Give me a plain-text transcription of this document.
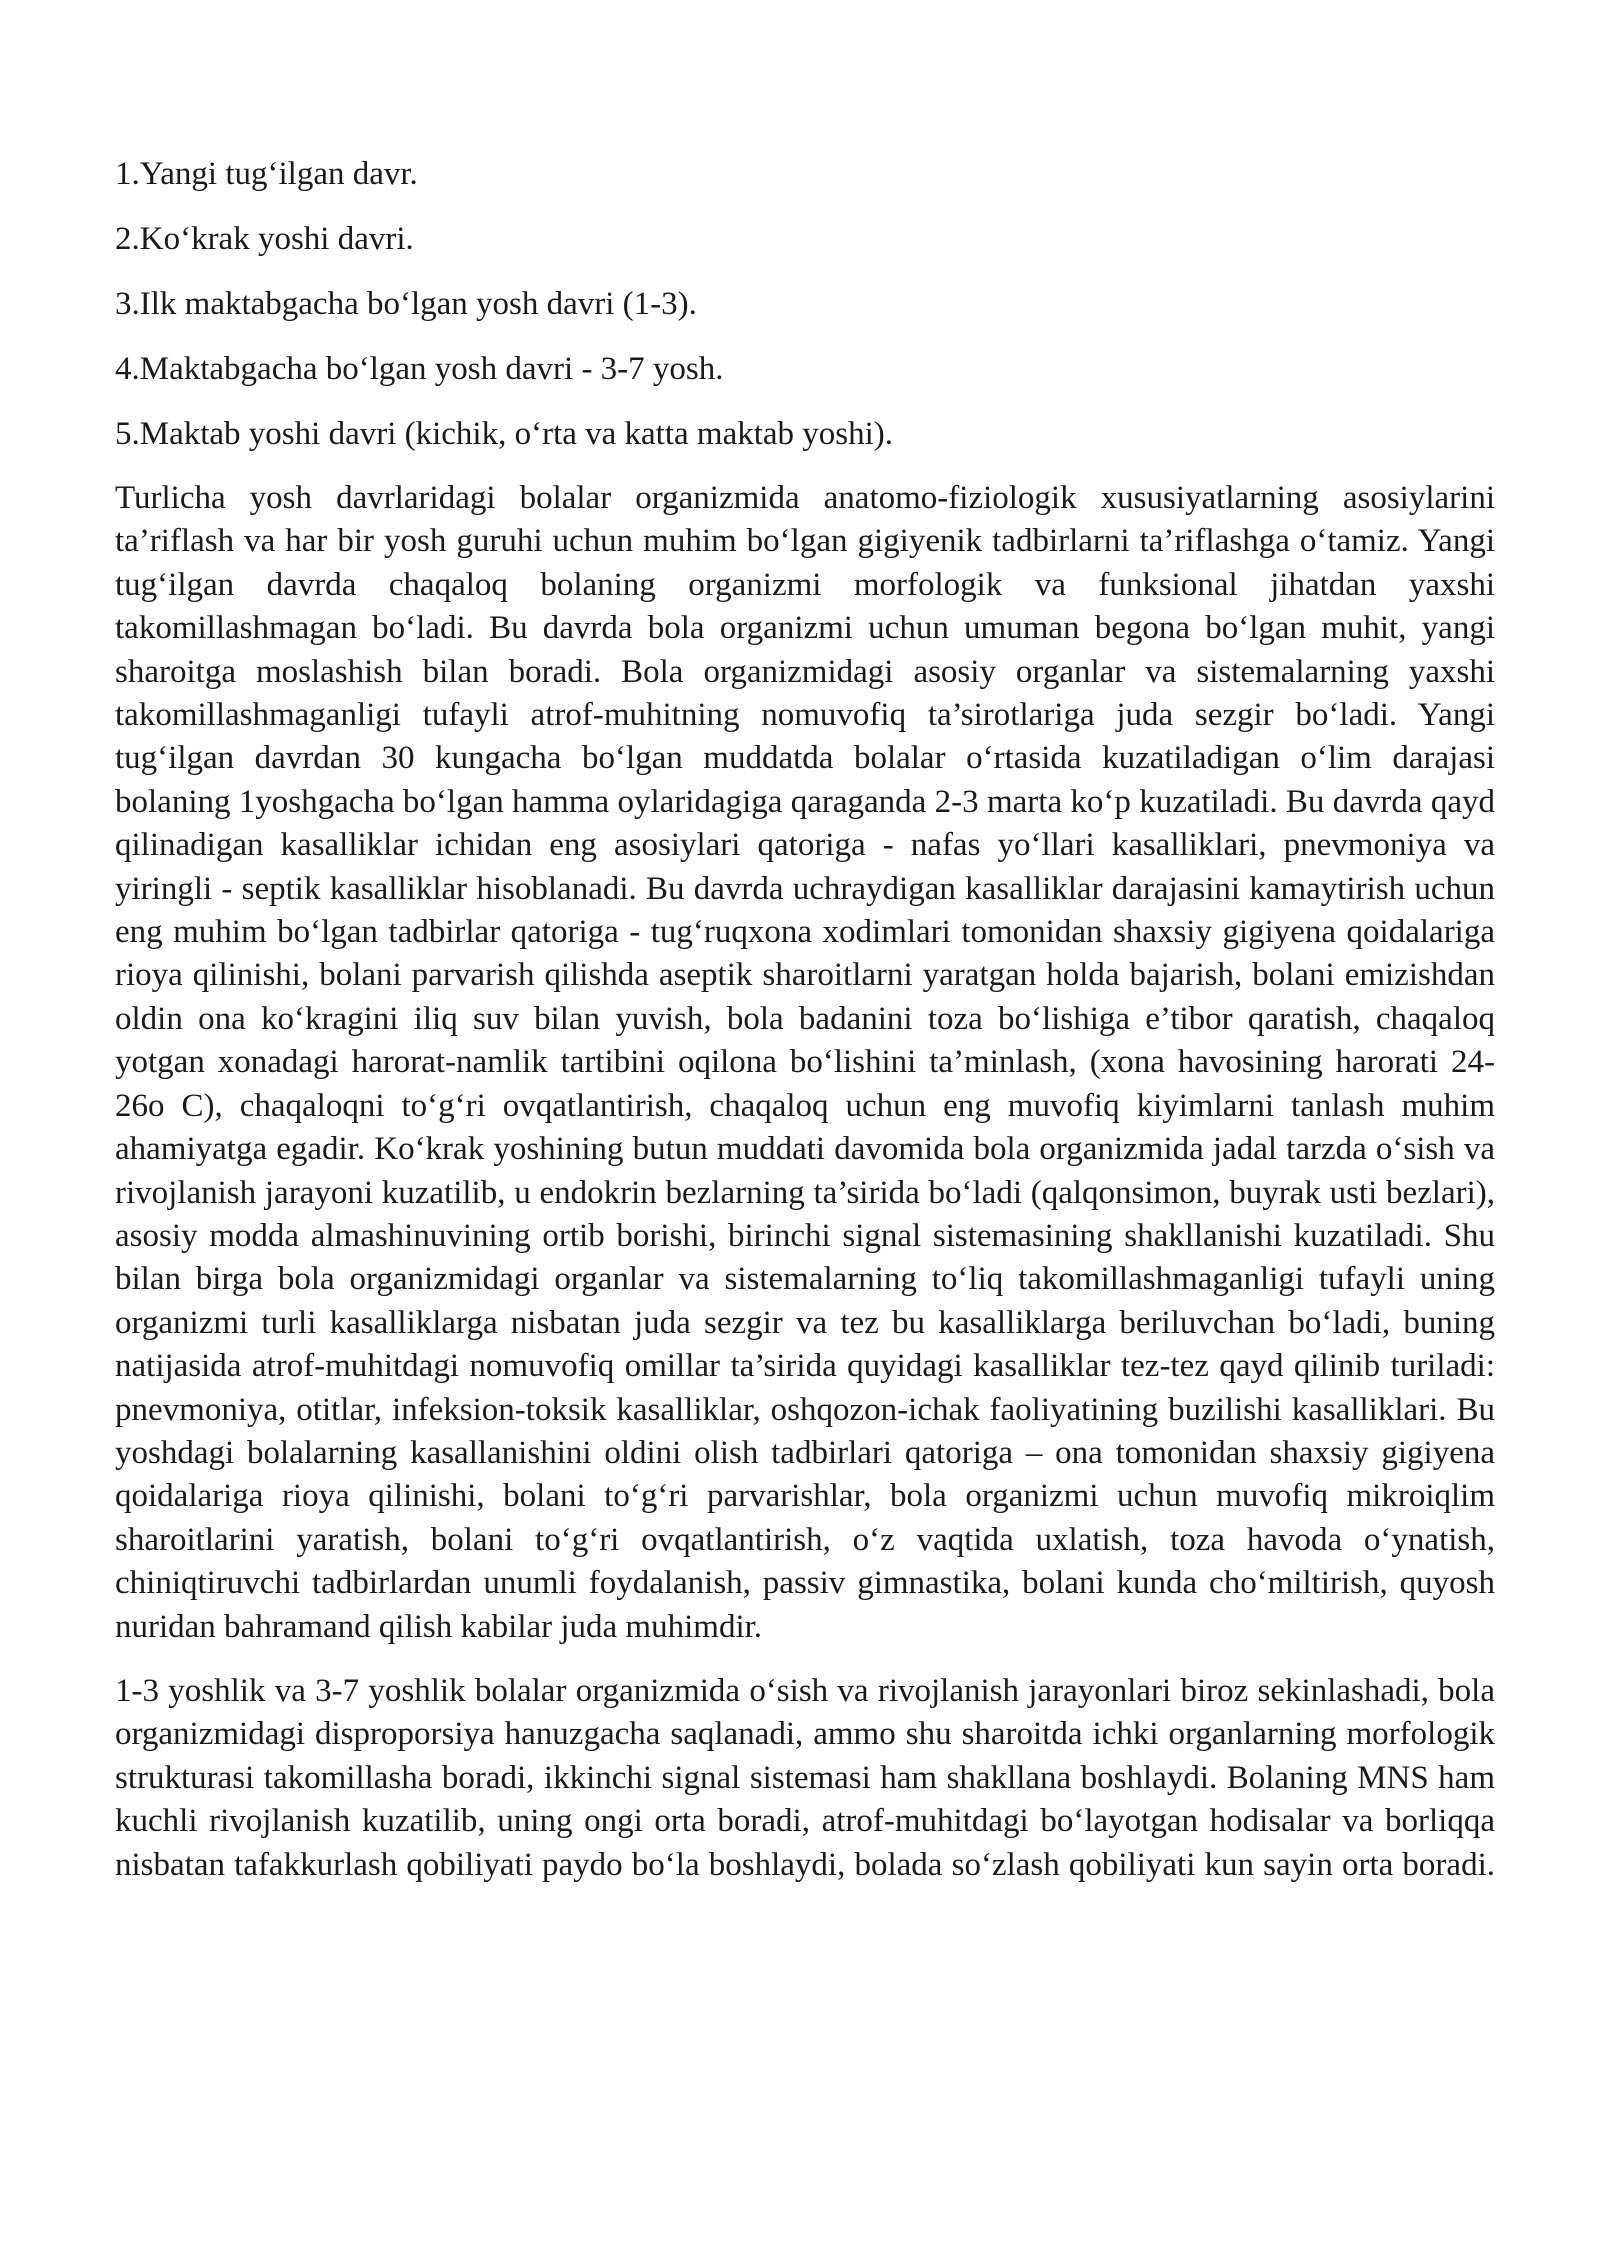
1.Yangi tug‘ilgan davr.
2.Ko‘krak yoshi davri.
3.Ilk maktabgacha bo‘lgan yosh davri (1-3).
4.Maktabgacha bo‘lgan yosh davri - 3-7 yosh.
5.Maktab yoshi davri (kichik, o‘rta va katta maktab yoshi).

Turlicha yosh davrlaridagi bolalar organizmida anatomo-fiziologik xususiyatlarning asosiylarini ta’riflash va har bir yosh guruhi uchun muhim bo‘lgan gigiyenik tadbirlarni ta’riflashga o‘tamiz. Yangi tug‘ilgan davrda chaqaloq bolaning organizmi morfologik va funksional jihatdan yaxshi takomillashmagan bo‘ladi. Bu davrda bola organizmi uchun umuman begona bo‘lgan muhit, yangi sharoitga moslashish bilan boradi. Bola organizmidagi asosiy organlar va sistemalarning yaxshi takomillashmaganligi tufayli atrof-muhitning nomuvofiq ta’sirotlariga juda sezgir bo‘ladi. Yangi tug‘ilgan davrdan 30 kungacha bo‘lgan muddatda bolalar o‘rtasida kuzatiladigan o‘lim darajasi bolaning 1yoshgacha bo‘lgan hamma oylaridagiga qaraganda 2-3 marta ko‘p kuzatiladi. Bu davrda qayd qilinadigan kasalliklar ichidan eng asosiylari qatoriga - nafas yo‘llari kasalliklari, pnevmoniya va yiringli - septik kasalliklar hisoblanadi. Bu davrda uchraydigan kasalliklar darajasini kamaytirish uchun eng muhim bo‘lgan tadbirlar qatoriga - tug‘ruqxona xodimlari tomonidan shaxsiy gigiyena qoidalariga rioya qilinishi, bolani parvarish qilishda aseptik sharoitlarni yaratgan holda bajarish, bolani emizishdan oldin ona ko‘kragini iliq suv bilan yuvish, bola badanini toza bo‘lishiga e’tibor qaratish, chaqaloq yotgan xonadagi harorat-namlik tartibini oqilona bo‘lishini ta’minlash, (xona havosining harorati 24-26o C), chaqaloqni to‘g‘ri ovqatlantirish, chaqaloq uchun eng muvofiq kiyimlarni tanlash muhim ahamiyatga egadir. Ko‘krak yoshining butun muddati davomida bola organizmida jadal tarzda o‘sish va rivojlanish jarayoni kuzatilib, u endokrin bezlarning ta’sirida bo‘ladi (qalqonsimon, buyrak usti bezlari), asosiy modda almashinuvining ortib borishi, birinchi signal sistemasining shakllanishi kuzatiladi. Shu bilan birga bola organizmidagi organlar va sistemalarning to‘liq takomillashmaganligi tufayli uning organizmi turli kasalliklarga nisbatan juda sezgir va tez bu kasalliklarga beriluvchan bo‘ladi, buning natijasida atrof-muhitdagi nomuvofiq omillar ta’sirida quyidagi kasalliklar tez-tez qayd qilinib turiladi: pnevmoniya, otitlar, infeksion-toksik kasalliklar, oshqozon-ichak faoliyatining buzilishi kasalliklari. Bu yoshdagi bolalarning kasallanishini oldini olish tadbirlari qatoriga – ona tomonidan shaxsiy gigiyena qoidalariga rioya qilinishi, bolani to‘g‘ri parvarishlar, bola organizmi uchun muvofiq mikroiqlim sharoitlarini yaratish, bolani to‘g‘ri ovqatlantirish, o‘z vaqtida uxlatish, toza havoda o‘ynatish, chiniqtiruvchi tadbirlardan unumli foydalanish, passiv gimnastika, bolani kunda cho‘miltirish, quyosh nuridan bahramand qilish kabilar juda muhimdir.

1-3 yoshlik va 3-7 yoshlik bolalar organizmida o‘sish va rivojlanish jarayonlari biroz sekinlashadi, bola organizmidagi disproporsiya hanuzgacha saqlanadi, ammo shu sharoitda ichki organlarning morfologik strukturasi takomillasha boradi, ikkinchi signal sistemasi ham shakllana boshlaydi. Bolaning MNS ham kuchli rivojlanish kuzatilib, uning ongi orta boradi, atrof-muhitdagi bo‘layotgan hodisalar va borliqqa nisbatan tafakkurlash qobiliyati paydo bo‘la boshlaydi, bolada so‘zlash qobiliyati kun sayin orta boradi.
